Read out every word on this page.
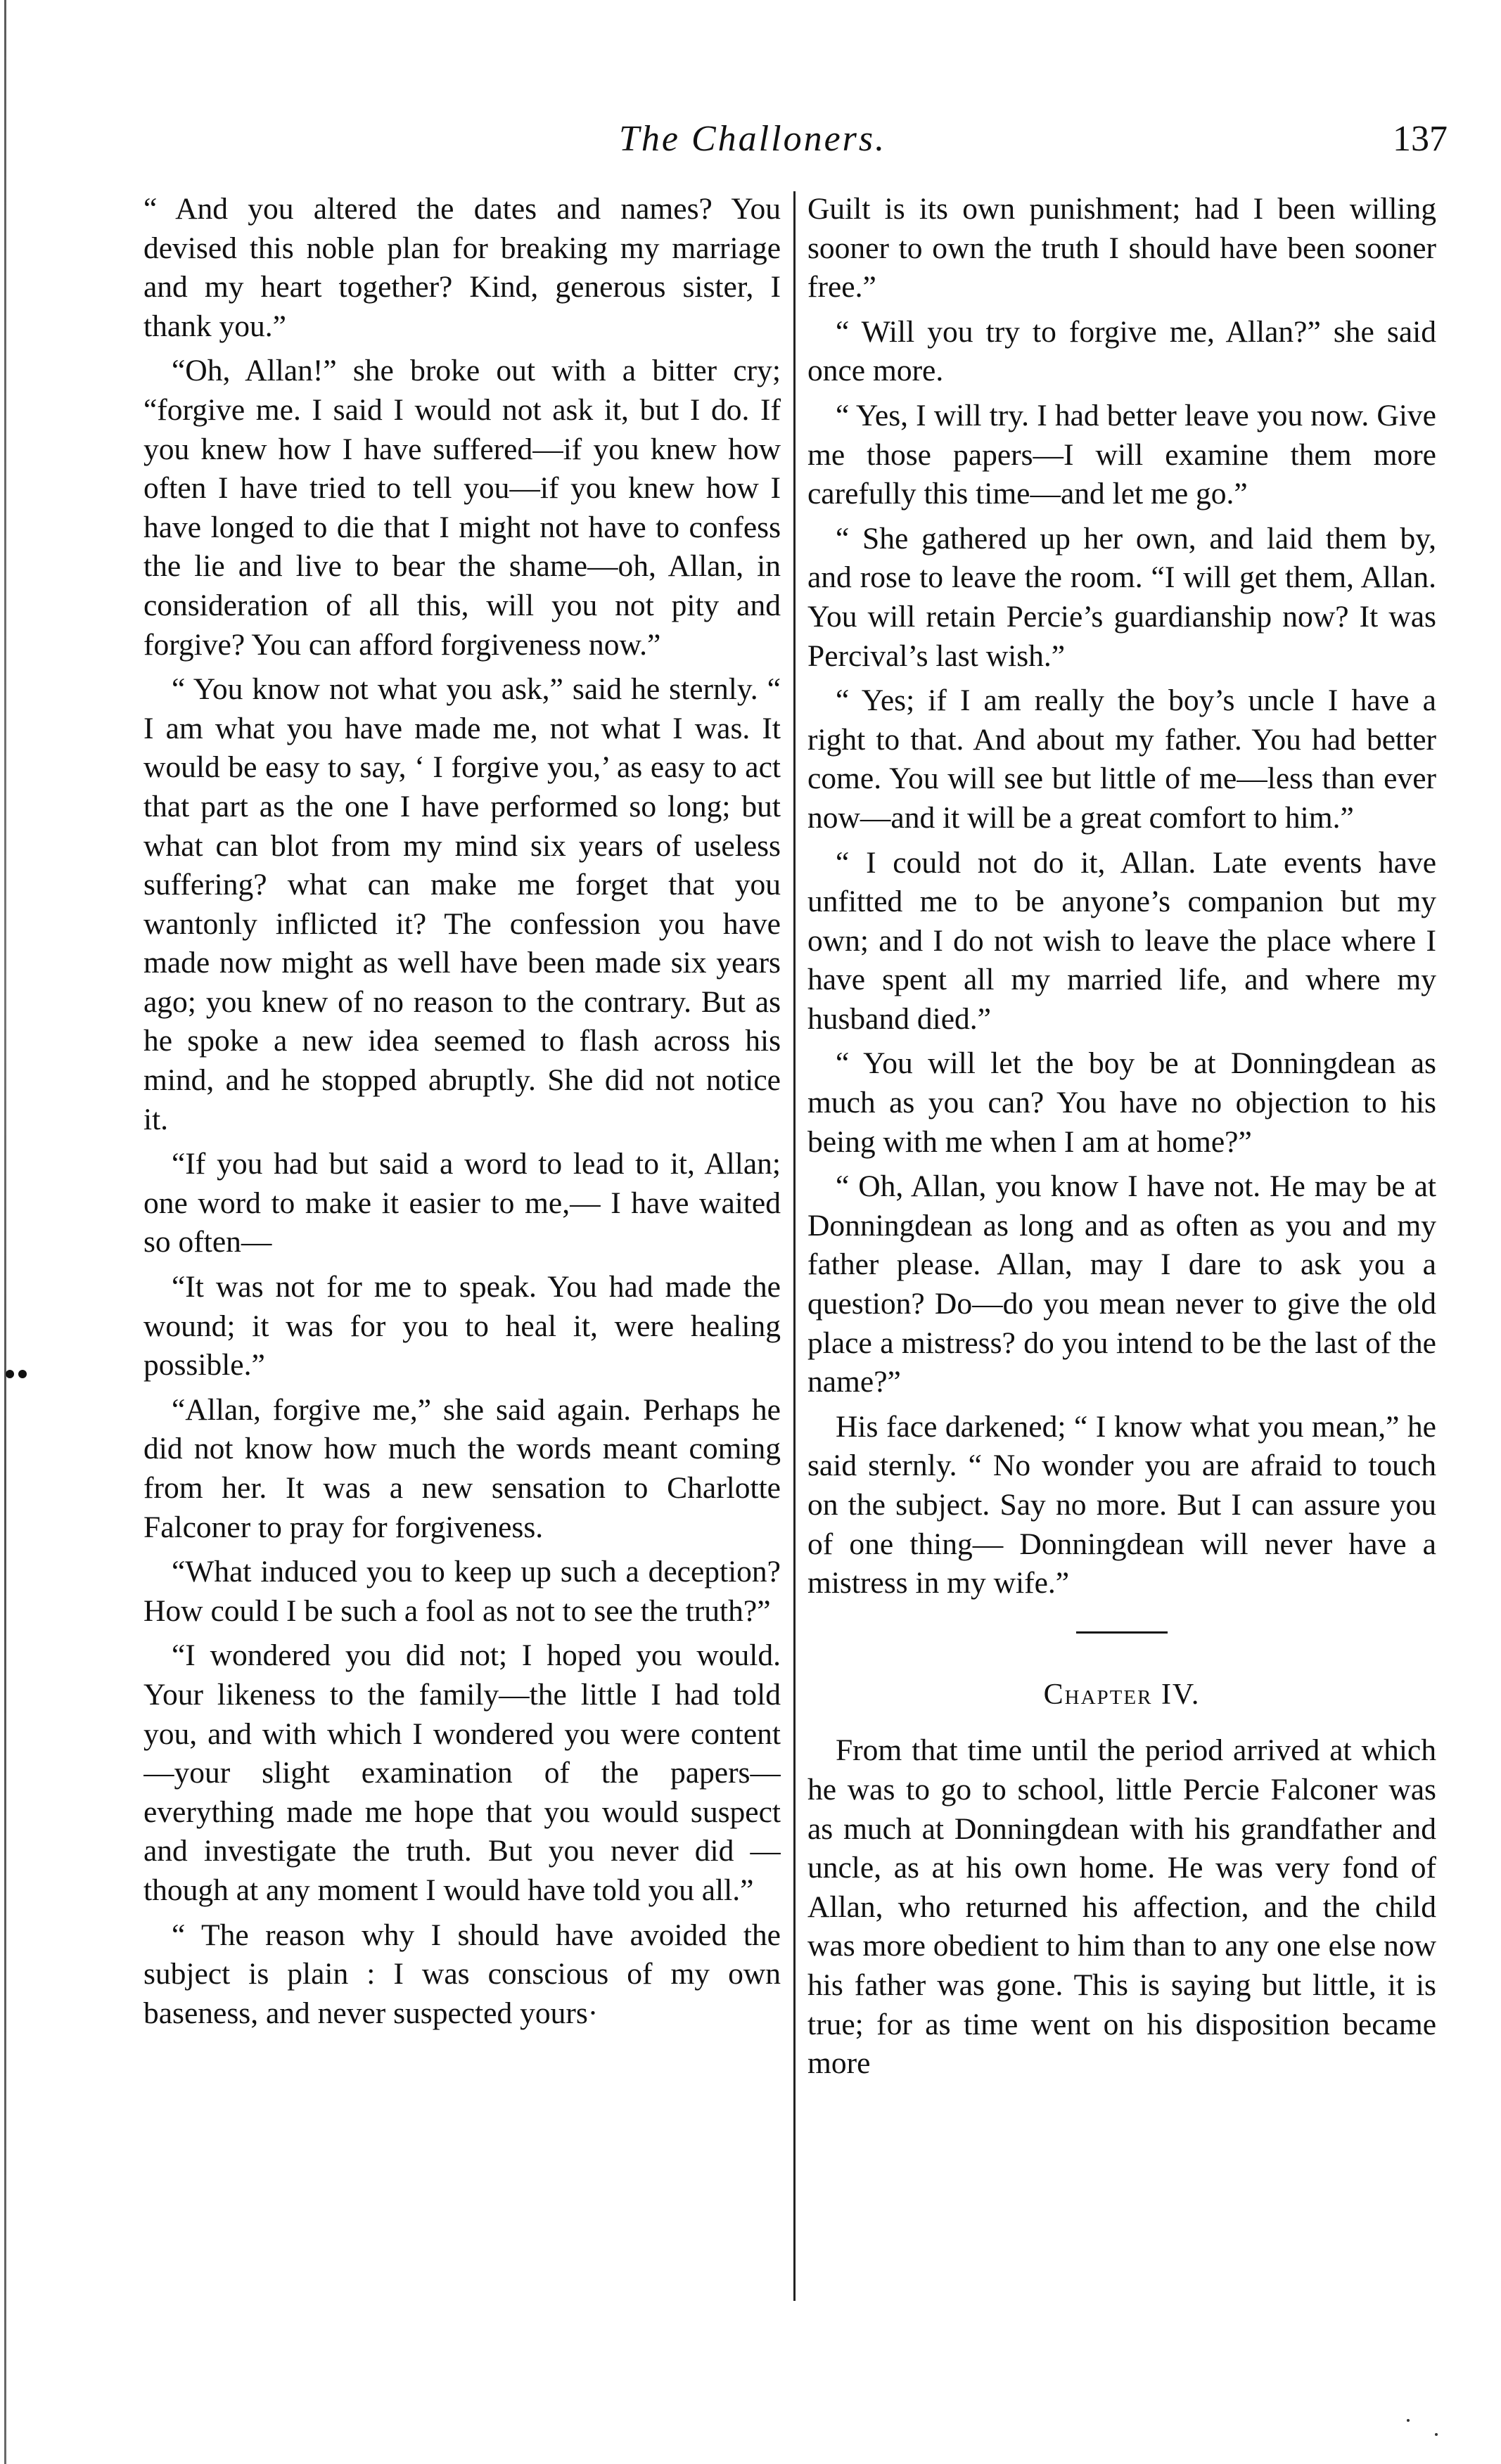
The Challoners.	137

“ And you altered the dates and names? You devised this noble plan for breaking my marriage and my heart together? Kind, generous sister, I thank you.”

“Oh, Allan!” she broke out with a bitter cry; “forgive me. I said I would not ask it, but I do. If you knew how I have suffered—if you knew how often I have tried to tell you—if you knew how I have longed to die that I might not have to confess the lie and live to bear the shame—oh, Allan, in consideration of all this, will you not pity and forgive? You can afford forgiveness now.”

“ You know not what you ask,” said he sternly. “ I am what you have made me, not what I was. It would be easy to say, ‘ I forgive you,’ as easy to act that part as the one I have performed so long; but what can blot from my mind six years of useless suffering? what can make me forget that you wantonly inflicted it? The confession you have made now might as well have been made six years ago; you knew of no reason to the contrary. But as he spoke a new idea seemed to flash across his mind, and he stopped abruptly. She did not notice it.

“If you had but said a word to lead to it, Allan; one word to make it easier to me,— I have waited so often—

“It was not for me to speak. You had made the wound; it was for you to heal it, were healing possible.”

“Allan, forgive me,” she said again. Perhaps he did not know how much the words meant coming from her. It was a new sensation to Charlotte Falconer to pray for forgiveness.

“What induced you to keep up such a deception? How could I be such a fool as not to see the truth?”

“I wondered you did not; I hoped you would. Your likeness to the family—the little I had told you, and with which I wondered you were content—your slight examination of the papers—everything made me hope that you would suspect and investigate the truth. But you never did —though at any moment I would have told you all.”

“ The reason why I should have avoided the subject is plain : I was conscious of my own baseness, and never suspected yours·

Guilt is its own punishment; had I been willing sooner to own the truth I should have been sooner free.”

“ Will you try to forgive me, Allan?” she said once more.

“ Yes, I will try. I had better leave you now. Give me those papers—I will examine them more carefully this time—and let me go.”

“ She gathered up her own, and laid them by, and rose to leave the room. “I will get them, Allan. You will retain Percie’s guardianship now? It was Percival’s last wish.”

“ Yes; if I am really the boy’s uncle I have a right to that. And about my father. You had better come. You will see but little of me—less than ever now—and it will be a great comfort to him.”

“ I could not do it, Allan. Late events have unfitted me to be anyone’s companion but my own; and I do not wish to leave the place where I have spent all my married life, and where my husband died.”

“ You will let the boy be at Donningdean as much as you can? You have no objection to his being with me when I am at home?”

“ Oh, Allan, you know I have not. He may be at Donningdean as long and as often as you and my father please. Allan, may I dare to ask you a question? Do—do you mean never to give the old place a mistress? do you intend to be the last of the name?”

His face darkened; “ I know what you mean,” he said sternly. “ No wonder you are afraid to touch on the subject. Say no more. But I can assure you of one thing— Donningdean will never have a mistress in my wife.”

Chapter IV.

From that time until the period arrived at which he was to go to school, little Percie Falconer was as much at Donningdean with his grandfather and uncle, as at his own home. He was very fond of Allan, who returned his affection, and the child was more obedient to him than to any one else now his father was gone. This is saying but little, it is true; for as time went on his disposition became more
